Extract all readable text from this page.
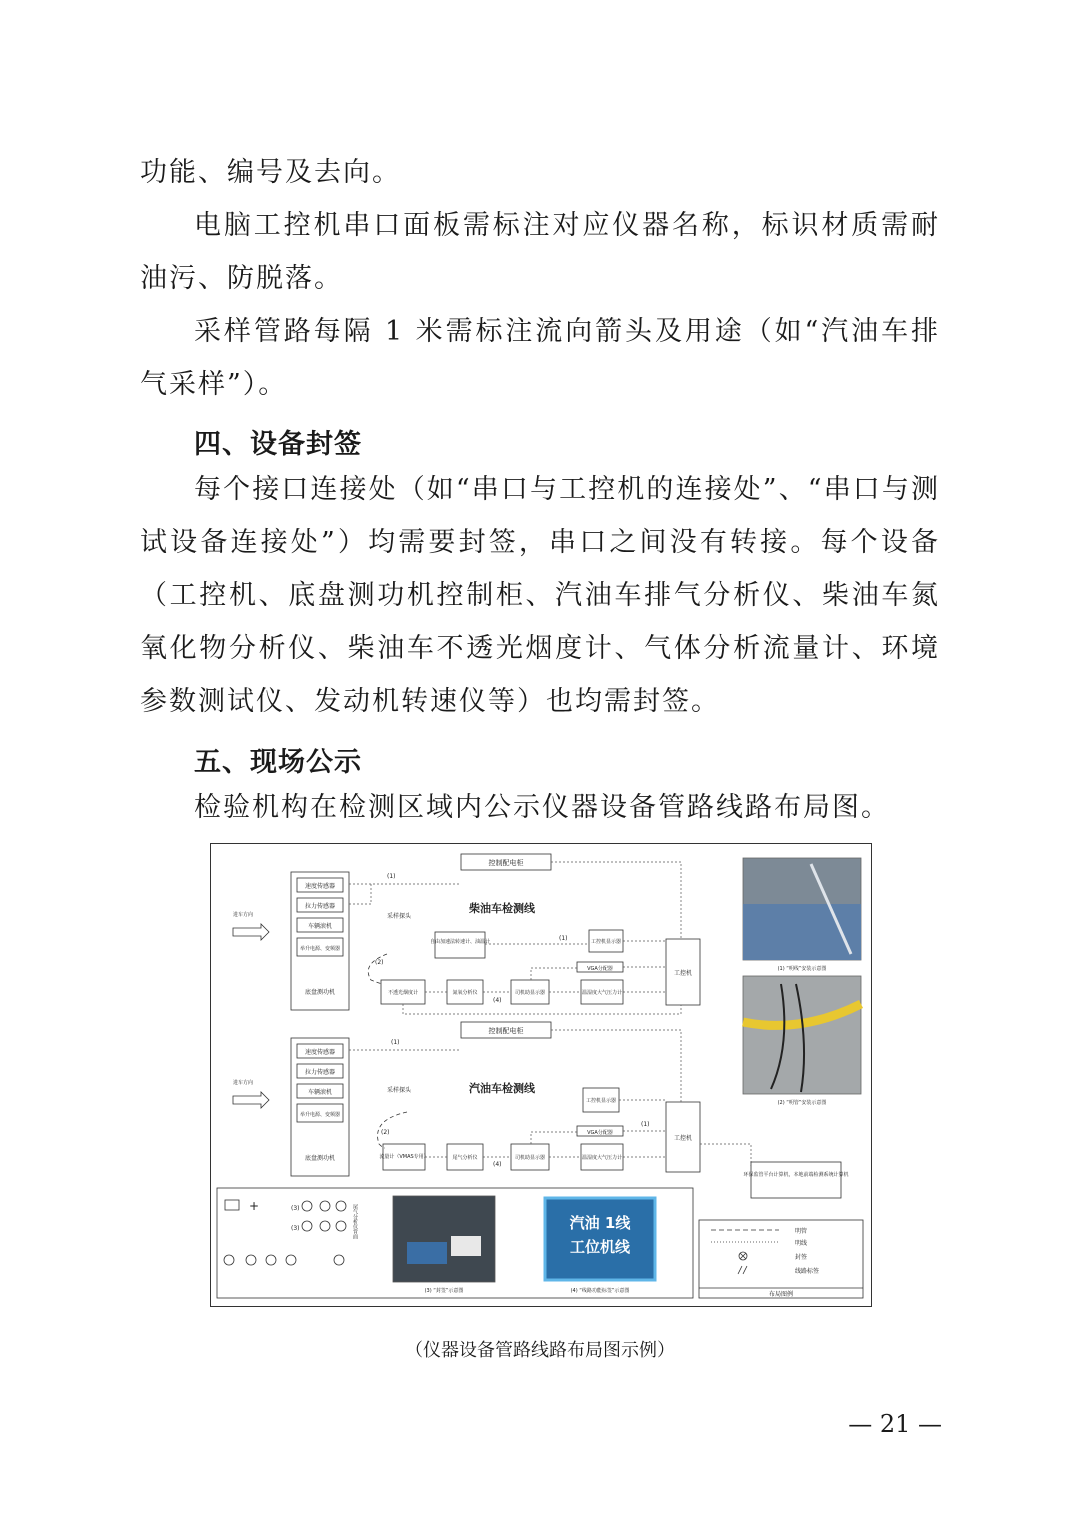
功能、编号及去向。

电脑工控机串口面板需标注对应仪器名称，标识材质需耐油污、防脱落。

采样管路每隔 1 米需标注流向箭头及用途（如“汽油车排气采样”）。

四、设备封签

每个接口连接处（如“串口与工控机的连接处”、“串口与测试设备连接处”）均需要封签，串口之间没有转接。每个设备（工控机、底盘测功机控制柜、汽油车排气分析仪、柴油车氮氧化物分析仪、柴油车不透光烟度计、气体分析流量计、环境参数测试仪、发动机转速仪等）也均需封签。

五、现场公示

检验机构在检测区域内公示仪器设备管路线路布局图。

控制配电柜
(1)
速度传感器
拉力传感器
车辆滚机
举升电源、变频器
底盘测功机
进车方向	柴油车检测线
采样探头
自由加速法转速计、油温计	工控机显示器
VGA分配器
不透光烟度计	氮氧分析仪	司机助显示器	温湿度大气压力计
工控机
(2)
(4)
(1)
控制配电柜
(1)
速度传感器
拉力传感器
车辆滚机
举升电源、变频器
底盘测功机
进车方向	汽油车检测线
采样探头
工控机显示器
VGA分配器
流量计（VMAS专用）	尾气分析仪	司机助显示器	温湿度大气压力计
工控机
(2)
(4)
(1)
环保监管平台计算机，本地前端检测系统计算机
(1) “明线”安装示意图
(2) “明管”安装示意图
+	(3)
(3)	尾气分析仪背面
(3) “封签”示意图
汽油 1线
工位机线
(4) “线路功能标签”示意图
明管
明线
封签
线路标签
布局图例
（仪器设备管路线路布局图示例）
— 21 —
